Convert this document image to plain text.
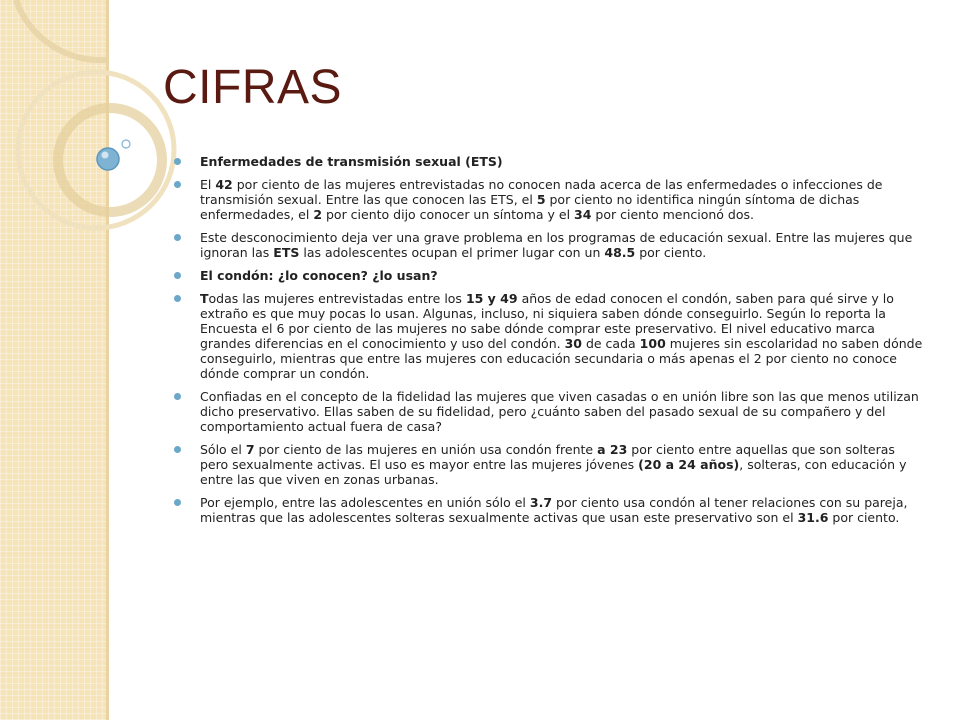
CIFRAS
Enfermedades de transmisión sexual (ETS)
El 42 por ciento de las mujeres entrevistadas no conocen nada acerca de las enfermedades o infecciones de transmisión sexual. Entre las que conocen las ETS, el 5 por ciento no identifica ningún síntoma de dichas enfermedades, el 2 por ciento dijo conocer un síntoma y el 34 por ciento mencionó dos.
Este desconocimiento deja ver una grave problema en los programas de educación sexual. Entre las mujeres que ignoran las ETS las adolescentes ocupan el primer lugar con un 48.5 por ciento.
El condón: ¿lo conocen? ¿lo usan?
Todas las mujeres entrevistadas entre los 15 y 49 años de edad conocen el condón, saben para qué sirve y lo extraño es que muy pocas lo usan. Algunas, incluso, ni siquiera saben dónde conseguirlo. Según lo reporta la Encuesta el 6 por ciento de las mujeres no sabe dónde comprar este preservativo. El nivel educativo marca grandes diferencias en el conocimiento y uso del condón. 30 de cada 100 mujeres sin escolaridad no saben dónde conseguirlo, mientras que entre las mujeres con educación secundaria o más apenas el 2 por ciento no conoce dónde comprar un condón.
Confiadas en el concepto de la fidelidad las mujeres que viven casadas o en unión libre son las que menos utilizan dicho preservativo. Ellas saben de su fidelidad, pero ¿cuánto saben del pasado sexual de su compañero y del comportamiento actual fuera de casa?
Sólo el 7 por ciento de las mujeres en unión usa condón frente a 23 por ciento entre aquellas que son solteras pero sexualmente activas. El uso es mayor entre las mujeres jóvenes (20 a 24 años), solteras, con educación y entre las que viven en zonas urbanas.
Por ejemplo, entre las adolescentes en unión sólo el 3.7 por ciento usa condón al tener relaciones con su pareja, mientras que las adolescentes solteras sexualmente activas que usan este preservativo son el 31.6 por ciento.
